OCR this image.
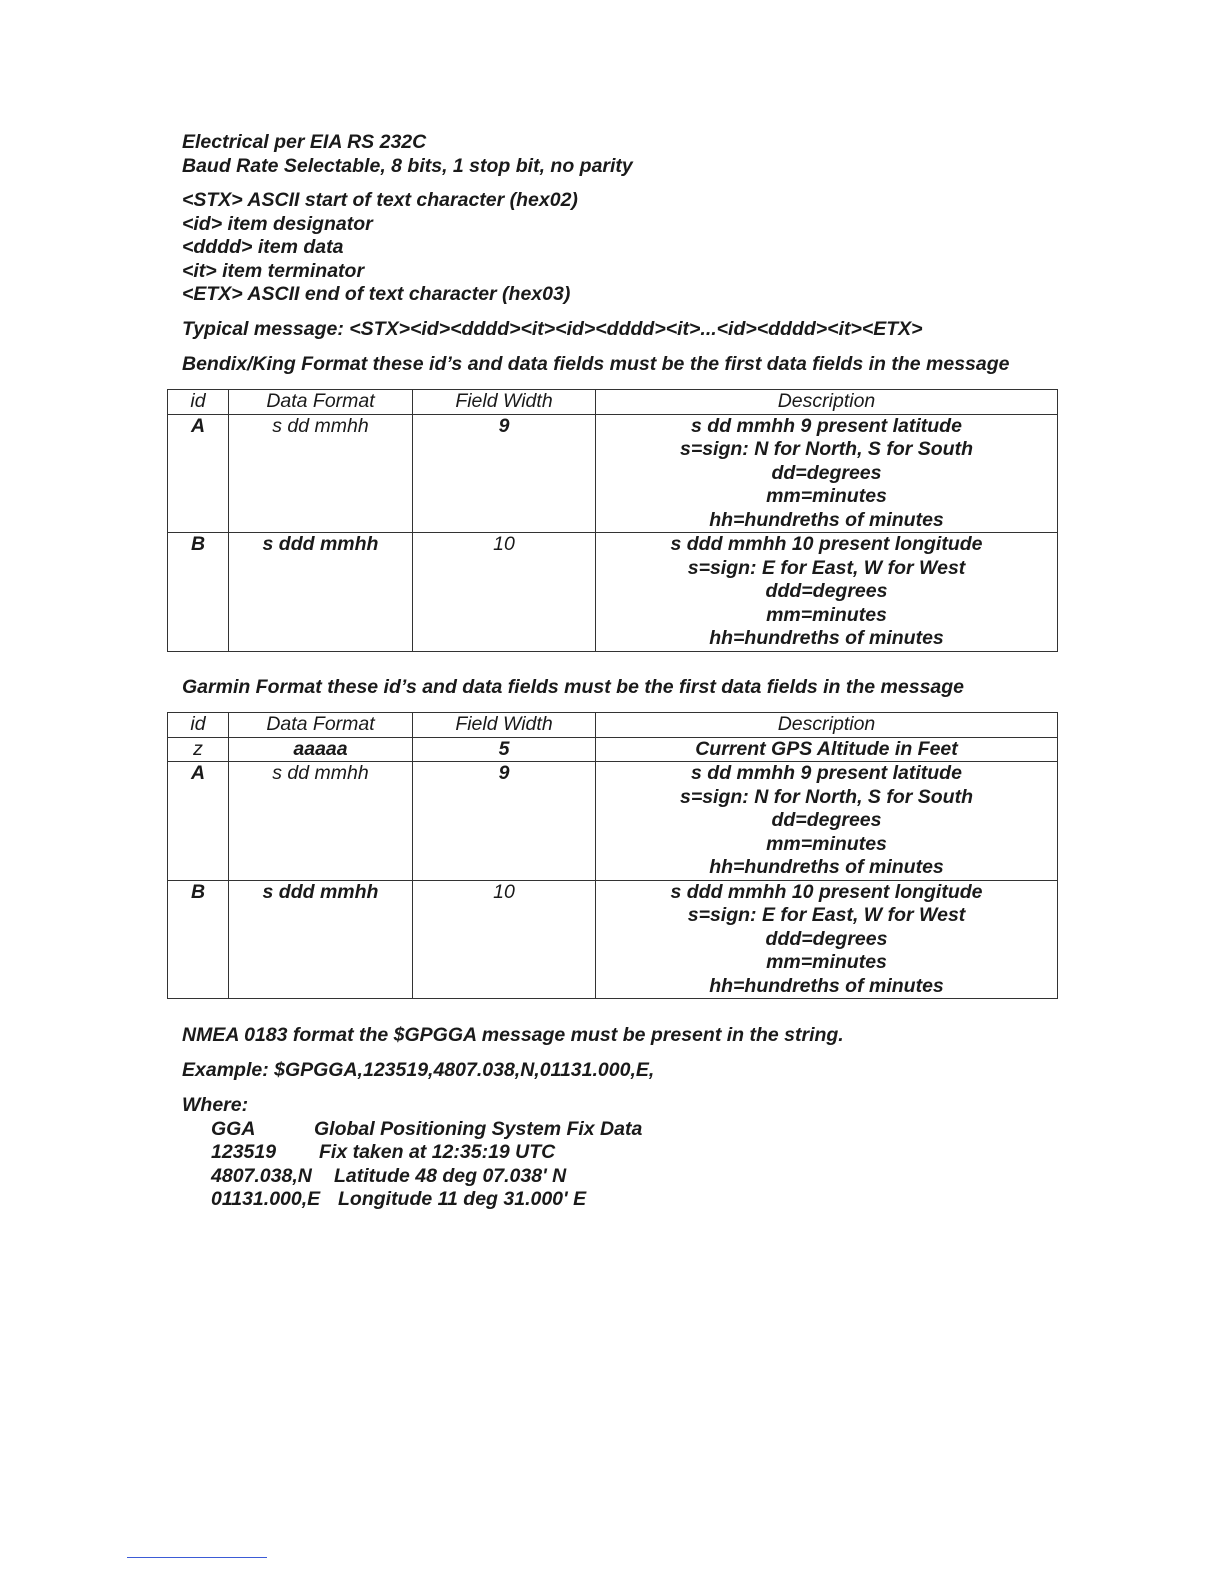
Electrical per EIA RS 232C
Baud Rate Selectable, 8 bits, 1 stop bit, no parity
<STX> ASCII start of text character (hex02)
<id> item designator
<dddd> item data
<it> item terminator
<ETX> ASCII end of text character (hex03)
Typical message: <STX><id><dddd><it><id><dddd><it>...<id><dddd><it><ETX>
Bendix/King Format these id’s and data fields must be the first data fields in the message
id	Data Format	Field Width	Description
A	s dd mmhh	9	s dd mmhh 9 present latitude
s=sign: N for North, S for South
dd=degrees
mm=minutes
hh=hundreths of minutes

B	s ddd mmhh	10	s ddd mmhh 10 present longitude
s=sign: E for East, W for West
ddd=degrees
mm=minutes
hh=hundreths of minutes
Garmin Format these id’s and data fields must be the first data fields in the message
id	Data Format	Field Width	Description
z	aaaaa	5	Current GPS Altitude in Feet

A	s dd mmhh	9	s dd mmhh 9 present latitude
s=sign: N for North, S for South
dd=degrees
mm=minutes
hh=hundreths of minutes

B	s ddd mmhh	10	s ddd mmhh 10 present longitude
s=sign: E for East, W for West
ddd=degrees
mm=minutes
hh=hundreths of minutes
NMEA 0183 format the $GPGGA message must be present in the string.
Example: $GPGGA,123519,4807.038,N,01131.000,E,
Where:
GGA	Global Positioning System Fix Data
123519 Fix taken at 12:35:19 UTC
4807.038,N Latitude 48 deg 07.038' N
01131.000,E Longitude 11 deg 31.000' E
